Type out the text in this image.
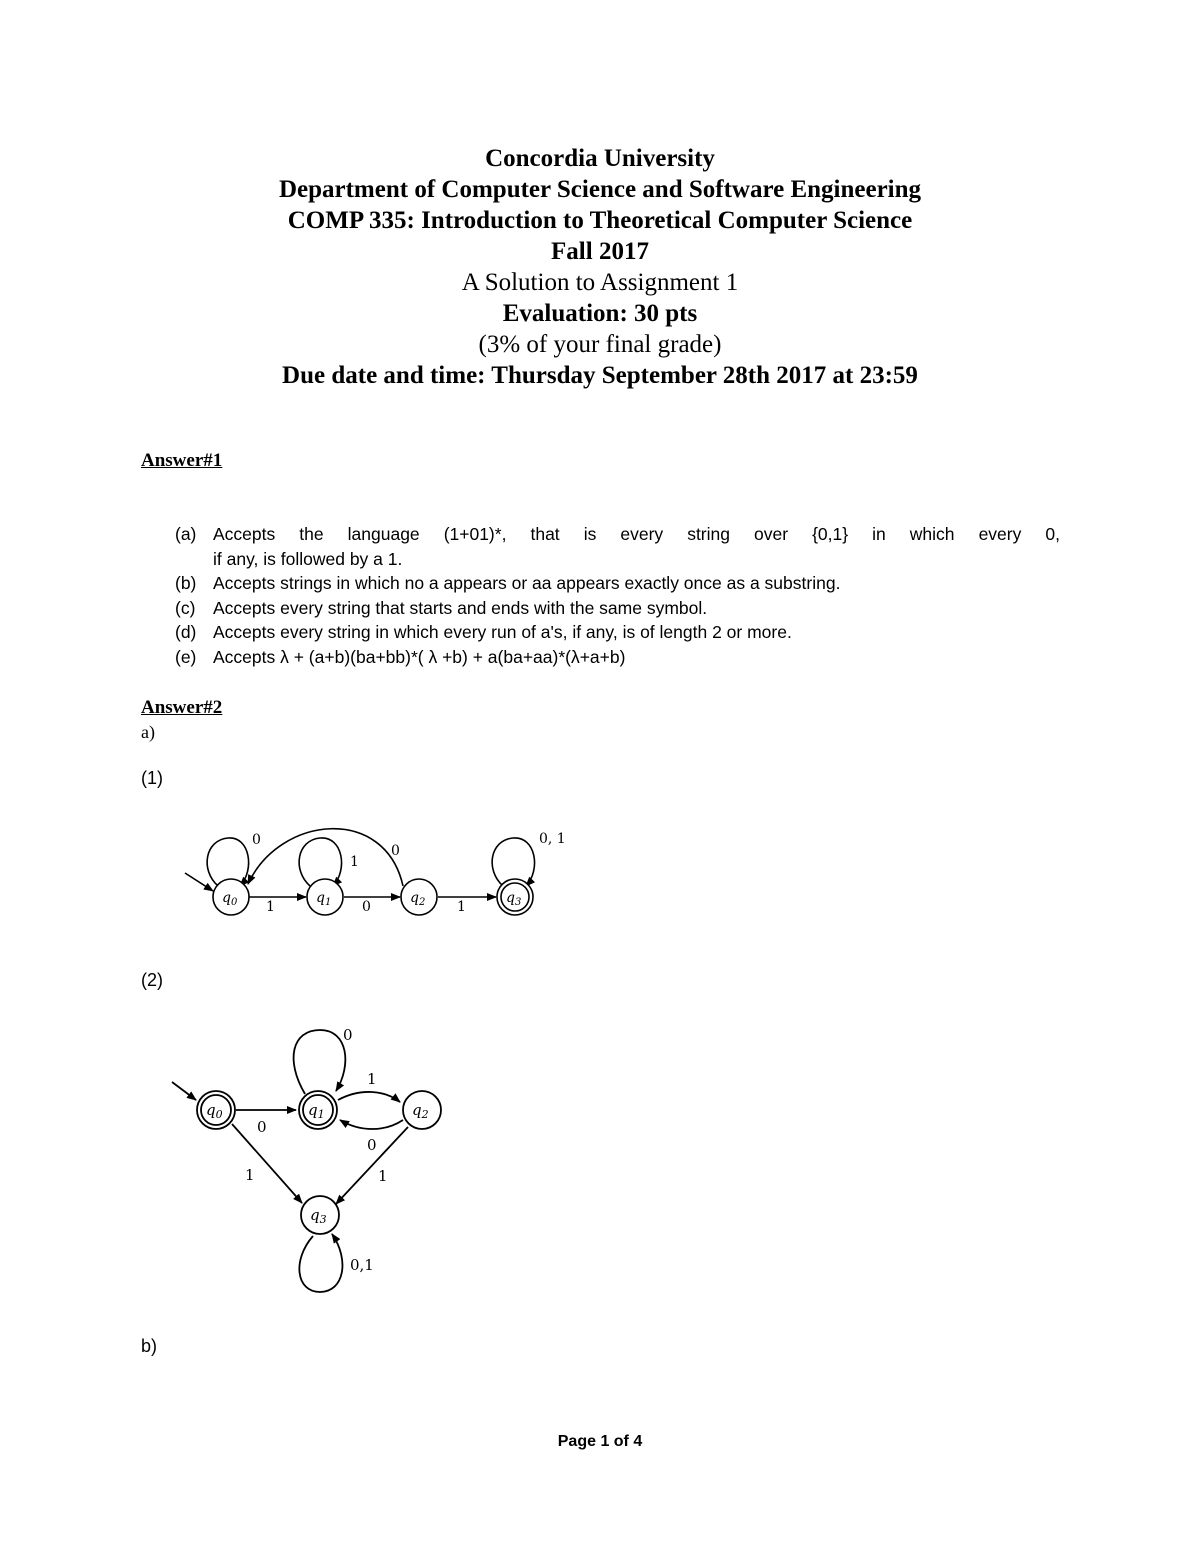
Concordia University
Department of Computer Science and Software Engineering
COMP 335: Introduction to Theoretical Computer Science
Fall 2017
A Solution to Assignment 1
Evaluation: 30 pts
(3% of your final grade)
Due date and time: Thursday September 28th 2017 at 23:59
Answer#1
(a) Accepts the language (1+01)*, that is every string over {0,1} in which every 0,
if any, is followed by a 1.
(b) Accepts strings in which no a appears or aa appears exactly once as a substring.
(c) Accepts every string that starts and ends with the same symbol.
(d) Accepts every string in which every run of a's, if any, is of length 2 or more.
(e) Accepts λ + (a+b)(ba+bb)*( λ +b) + a(ba+aa)*(λ+a+b)
Answer#2
a)
(1)
$q_0$	$q_1$	$q_2$	$q_3$
0
1
1
0
0
1
0, 1
(2)
$q_0$	$q_1$	$q_2$
$q_3$
0
1
0
0
1	1
0,1
b)
Page 1 of 4
